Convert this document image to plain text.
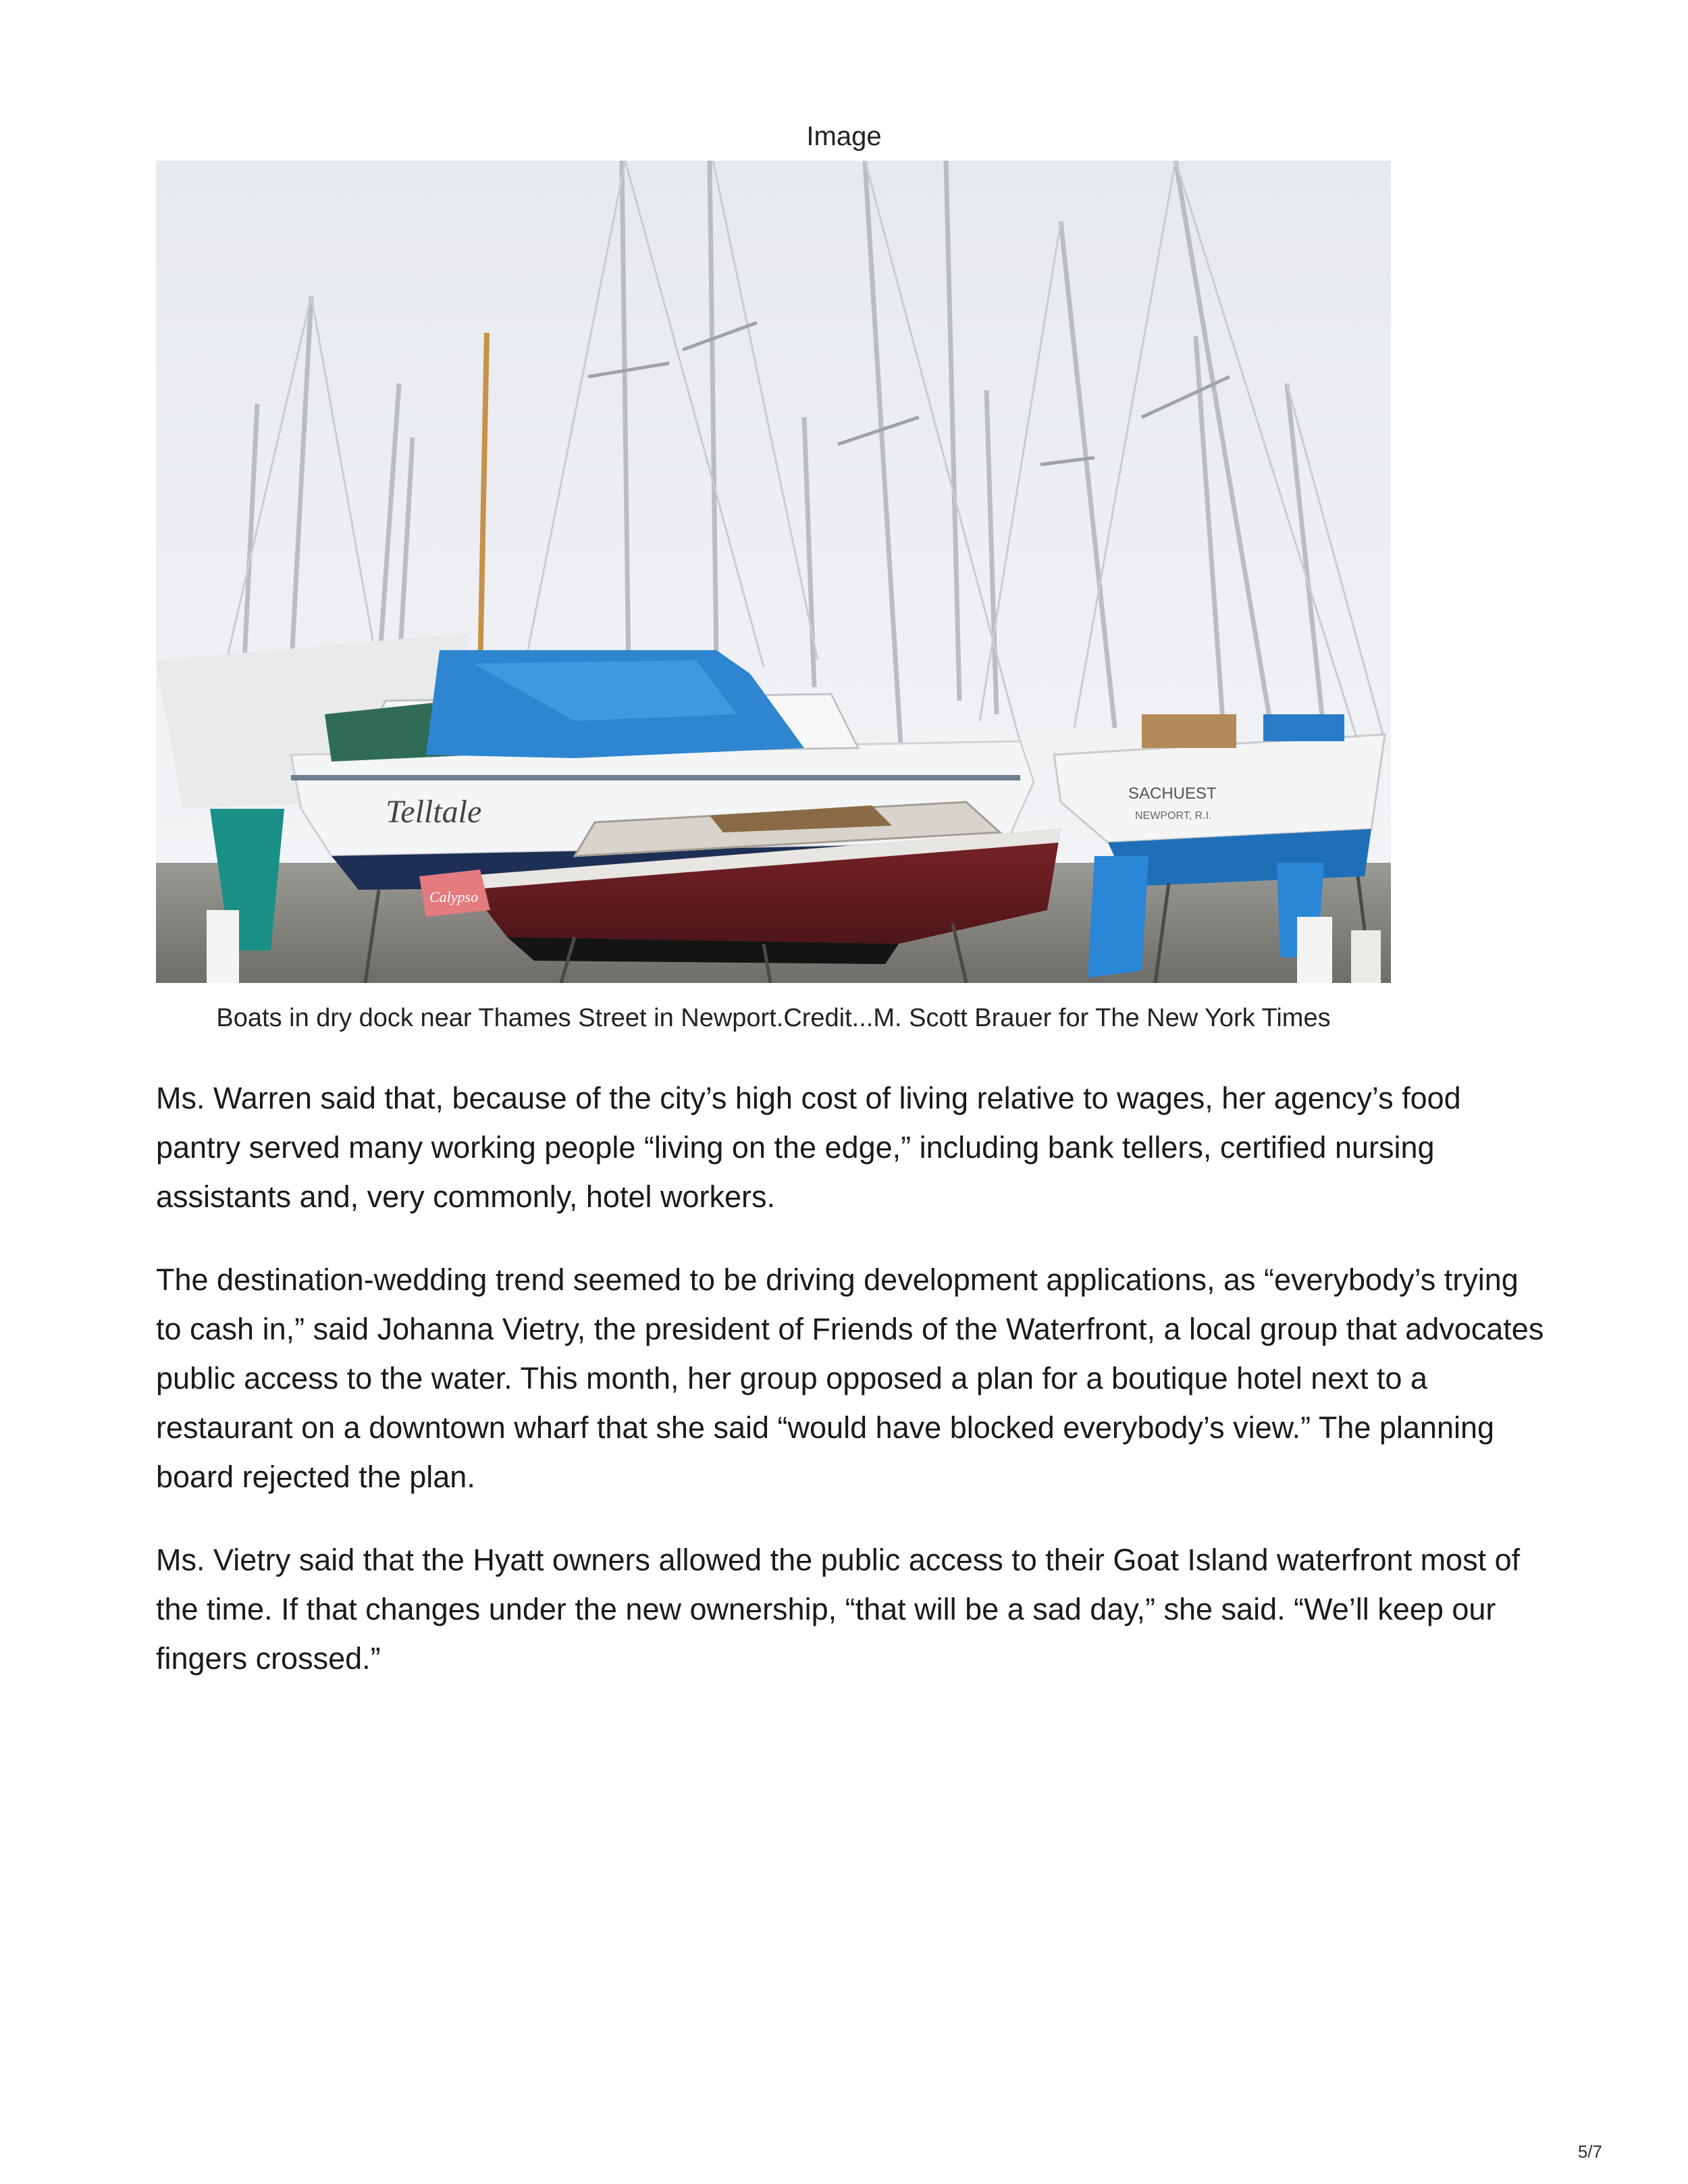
Image
Telltale
SACHUEST
NEWPORT, R.I.
Calypso
Boats in dry dock near Thames Street in Newport.Credit...M. Scott Brauer for The New York Times

Ms. Warren said that, because of the city’s high cost of living relative to wages, her agency’s food pantry served many working people “living on the edge,” including bank tellers, certified nursing assistants and, very commonly, hotel workers.

The destination-wedding trend seemed to be driving development applications, as “everybody’s trying to cash in,” said Johanna Vietry, the president of Friends of the Waterfront, a local group that advocates public access to the water. This month, her group opposed a plan for a boutique hotel next to a restaurant on a downtown wharf that she said “would have blocked everybody’s view.” The planning board rejected the plan.

Ms. Vietry said that the Hyatt owners allowed the public access to their Goat Island waterfront most of the time. If that changes under the new ownership, “that will be a sad day,” she said. “We’ll keep our fingers crossed.”

5/7
